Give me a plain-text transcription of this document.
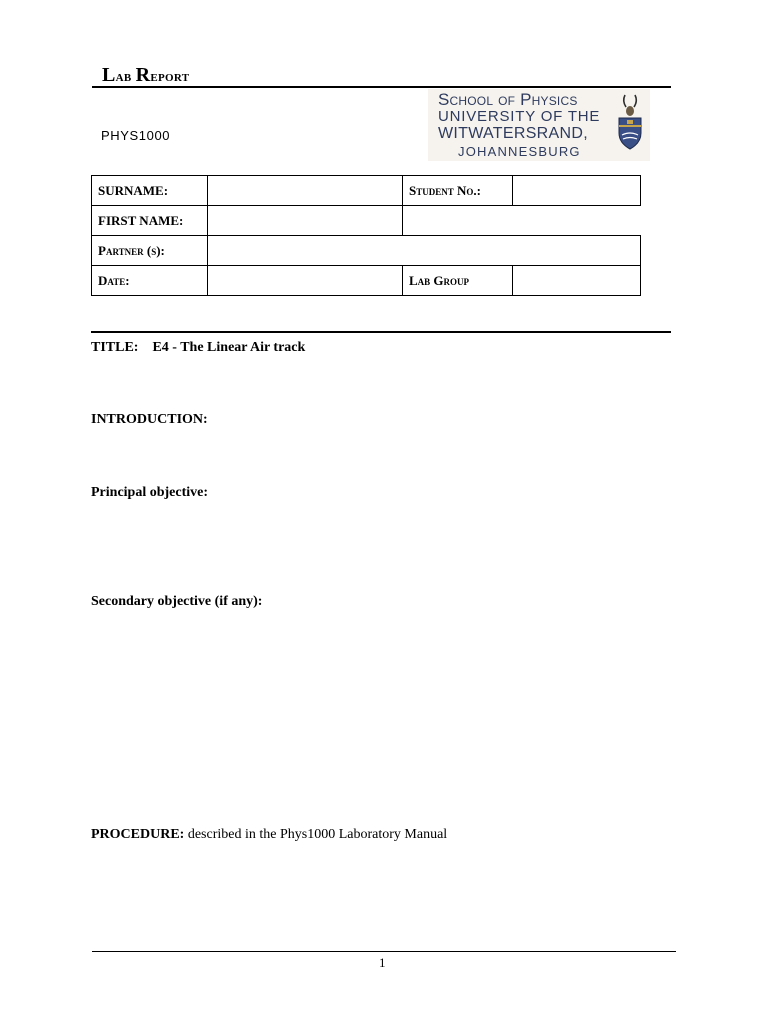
Lab Report
PHYS1000
School of Physics
UNIVERSITY OF THE
WITWATERSRAND,
JOHANNESBURG
SURNAME:		Student No.:	
FIRST NAME:			
Partner (s):			
Date:		Lab Group	
TITLE: E4 - The Linear Air track
INTRODUCTION:
Principal objective:
Secondary objective (if any):
PROCEDURE: described in the Phys1000 Laboratory Manual
1
